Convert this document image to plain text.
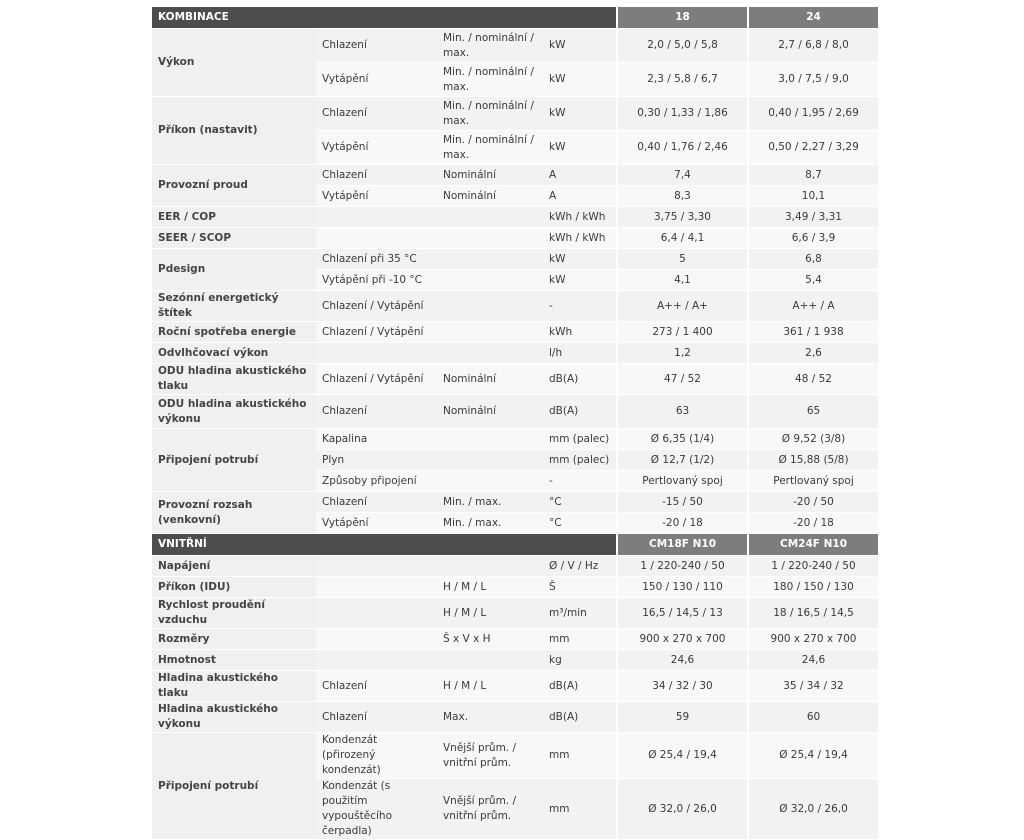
KOMBINACE				18	24
Výkon	Chlazení	Min. / nominální / max.	kW	2,0 / 5,0 / 5,8	2,7 / 6,8 / 8,0
	Vytápění	Min. / nominální / max.	kW	2,3 / 5,8 / 6,7	3,0 / 7,5 / 9,0
Příkon (nastavit)	Chlazení	Min. / nominální / max.	kW	0,30 / 1,33 / 1,86	0,40 / 1,95 / 2,69
	Vytápění	Min. / nominální / max.	kW	0,40 / 1,76 / 2,46	0,50 / 2,27 / 3,29
Provozní proud	Chlazení	Nominální	A	7,4	8,7
	Vytápění	Nominální	A	8,3	10,1
EER / COP			kWh / kWh	3,75 / 3,30	3,49 / 3,31
SEER / SCOP			kWh / kWh	6,4 / 4,1	6,6 / 3,9
Pdesign	Chlazení při 35 °C		kW	5	6,8
	Vytápění při -10 °C		kW	4,1	5,4
Sezónní energetický štítek	Chlazení / Vytápění		-	A++ / A+	A++ / A
Roční spotřeba energie	Chlazení / Vytápění		kWh	273 / 1 400	361 / 1 938
Odvlhčovací výkon			l/h	1,2	2,6
ODU hladina akustického tlaku	Chlazení / Vytápění	Nominální	dB(A)	47 / 52	48 / 52
ODU hladina akustického výkonu	Chlazení	Nominální	dB(A)	63	65
Připojení potrubí	Kapalina		mm (palec)	Ø 6,35 (1/4)	Ø 9,52 (3/8)
	Plyn		mm (palec)	Ø 12,7 (1/2)	Ø 15,88 (5/8)
	Způsoby připojení		-	Pertlovaný spoj	Pertlovaný spoj
Provozní rozsah (venkovní)	Chlazení	Min. / max.	°C	-15 / 50	-20 / 50
	Vytápění	Min. / max.	°C	-20 / 18	-20 / 18
VNITŘNÍ				CM18F N10	CM24F N10
Napájení			Ø / V / Hz	1 / 220-240 / 50	1 / 220-240 / 50
Příkon (IDU)		H / M / L	Š	150 / 130 / 110	180 / 150 / 130
Rychlost proudění vzduchu		H / M / L	m³/min	16,5 / 14,5 / 13	18 / 16,5 / 14,5
Rozměry		Š x V x H	mm	900 x 270 x 700	900 x 270 x 700
Hmotnost			kg	24,6	24,6
Hladina akustického tlaku	Chlazení	H / M / L	dB(A)	34 / 32 / 30	35 / 34 / 32
Hladina akustického výkonu	Chlazení	Max.	dB(A)	59	60
Připojení potrubí	Kondenzát (přirozený kondenzát)	Vnější prům. / vnitřní prům.	mm	Ø 25,4 / 19,4	Ø 25,4 / 19,4
	Kondenzát (s použitím vypouštěcího čerpadla)	Vnější prům. / vnitřní prům.	mm	Ø 32,0 / 26,0	Ø 32,0 / 26,0
